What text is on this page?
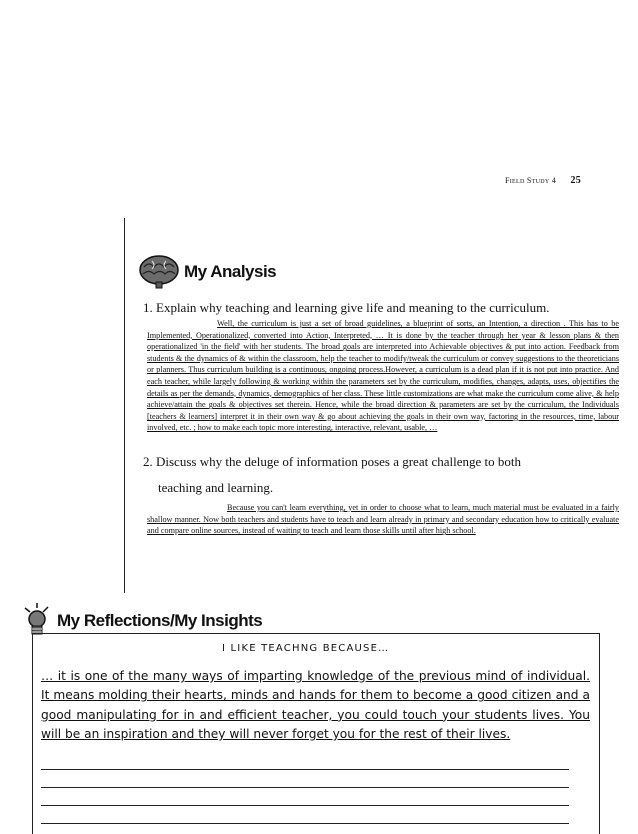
Field Study 4 25
My Analysis
1. Explain why teaching and learning give life and meaning to the curriculum.
Well, the curriculum is just a set of broad guidelines, a blueprint of sorts, an Intention, a direction . This has to be Implemented, Operationalized, converted into Action, Interpreted, … It is done by the teacher through her year & lesson plans & then operationalized 'in the field' with her students. The broad goals are interpreted into Achievable objectives & put into action. Feedback from students & the dynamics of & within the classroom, help the teacher to modify/tweak the curriculum or convey suggestions to the theoreticians or planners. Thus curriculum building is a continuous, ongoing process.However, a curriculum is a dead plan if it is not put into practice. And each teacher, while largely following & working within the parameters set by the curriculum, modifies, changes, adapts, uses, objectifies the details as per the demands, dynamics, demographics of her class. These little customizations are what make the curriculum come alive, & help achieve/attain the goals & objectives set therein. Hence, while the broad direction & parameters are set by the curriculum, the Individuals [teachers & learners] interpret it in their own way & go about achieving the goals in their own way, factoring in the resources, time, labour involved, etc. ; how to make each topic more interesting, interactive, relevant, usable, …
2. Discuss why the deluge of information poses a great challenge to both
teaching and learning.
Because you can't learn everything, yet in order to choose what to learn, much material must be evaluated in a fairly shallow manner. Now both teachers and students have to teach and learn already in primary and secondary education how to critically evaluate and compare online sources, instead of waiting to teach and learn those skills until after high school.
My Reflections/My Insights
I LIKE TEACHNG BECAUSE…
… it is one of the many ways of imparting knowledge of the previous mind of individual. It means molding their hearts, minds and hands for them to become a good citizen and a good manipulating for in and efficient teacher, you could touch your students lives. You will be an inspiration and they will never forget you for the rest of their lives.
